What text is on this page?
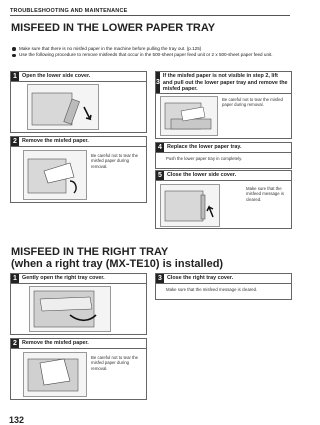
TROUBLESHOOTING AND MAINTENANCE
MISFEED IN THE LOWER PAPER TRAY
Make sure that there is no misfed paper in the machine before pulling the tray out. (p.125)
Use the following procedure to remove misfeeds that occur in the 500-sheet paper feed unit or 2 x 500-sheet paper feed unit.
1 Open the lower side cover.
2 Remove the misfed paper.
Be careful not to tear the misfed paper during removal.
3
If the misfed paper is not visible in step 2, lift and pull out the lower paper tray and remove the misfed paper.
Be careful not to tear the misfed paper during removal.
4 Replace the lower paper tray.
Push the lower paper tray in completely.
5 Close the lower side cover.
Make sure that the misfeed message is cleared.
MISFEED IN THE RIGHT TRAY
(when a right tray (MX-TE10) is installed)
1 Gently open the right tray cover.
2 Remove the misfed paper.
Be careful not to tear the misfed paper during removal.
3 Close the right tray cover.
Make sure that the misfeed message is cleared.
132
